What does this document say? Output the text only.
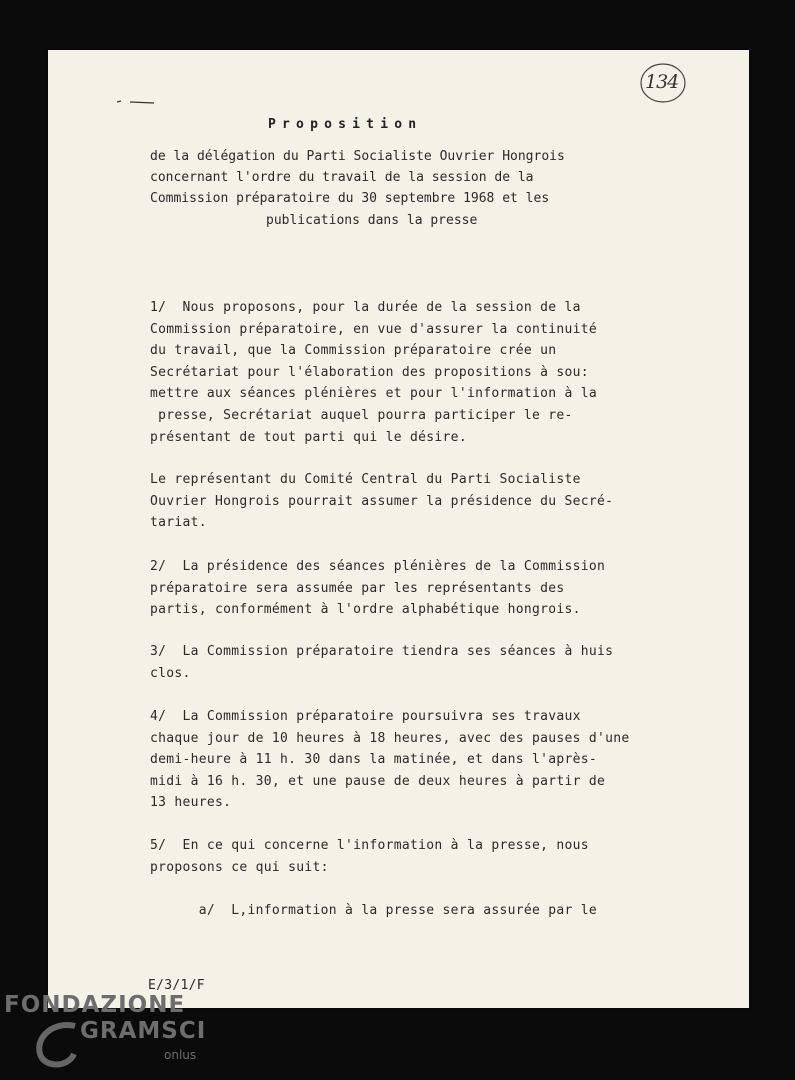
134
Proposition
de la délégation du Parti Socialiste Ouvrier Hongrois
concernant l'ordre du travail de la session de la
Commission préparatoire du 30 septembre 1968 et les
publications dans la presse
1/  Nous proposons, pour la durée de la session de la
Commission préparatoire, en vue d'assurer la continuité
du travail, que la Commission préparatoire crée un
Secrétariat pour l'élaboration des propositions à sou:
mettre aux séances plénières et pour l'information à la
presse, Secrétariat auquel pourra participer le re-
présentant de tout parti qui le désire.
Le représentant du Comité Central du Parti Socialiste
Ouvrier Hongrois pourrait assumer la présidence du Secré-
tariat.
2/  La présidence des séances plénières de la Commission
préparatoire sera assumée par les représentants des
partis, conformément à l'ordre alphabétique hongrois.
3/  La Commission préparatoire tiendra ses séances à huis
clos.
4/  La Commission préparatoire poursuivra ses travaux
chaque jour de 10 heures à 18 heures, avec des pauses d'une
demi-heure à 11 h. 30 dans la matinée, et dans l'après-
midi à 16 h. 30, et une pause de deux heures à partir de
13 heures.
5/  En ce qui concerne l'information à la presse, nous
proposons ce qui suit:
a/  L,information à la presse sera assurée par le
E/3/1/F
FONDAZIONE
GRAMSCI
onlus
